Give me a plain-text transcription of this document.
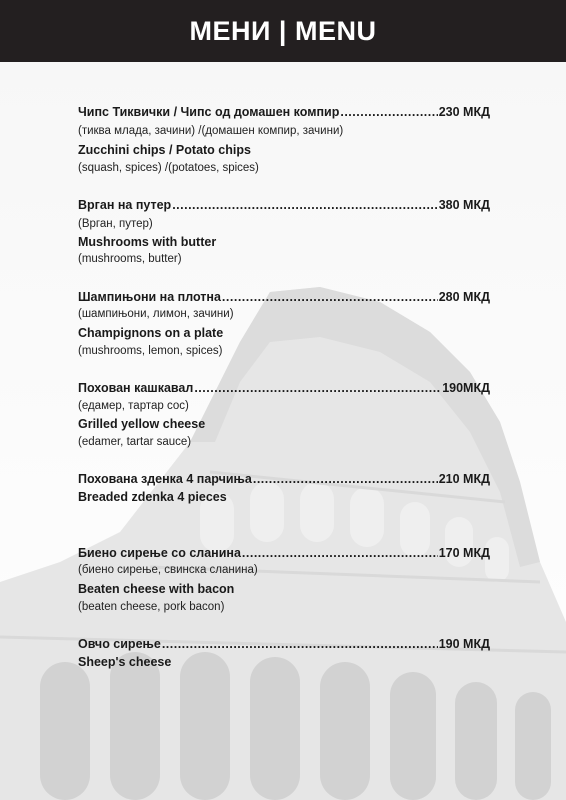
МЕНИ | MENU
Чипс Тиквички / Чипс од домашен компир .....	230 МКД
(тиква млада, зачини) /(домашен компир, зачини)
Zucchini chips / Potato chips
(squash, spices) /(potatoes, spices)
Врган на путер .....	380 МКД
(Врган, путер)
Mushrooms with butter
(mushrooms, butter)
Шампињони на плотна .....	280 МКД
(шампињони, лимон, зачини)
Champignons on a plate
(mushrooms, lemon, spices)
Похован кашкавал .....	190МКД
(едамер, тартар сос)
Grilled yellow cheese
(edamer, tartar sauce)
Похована зденка 4 парчиња .....	210 МКД
Breaded zdenka 4 pieces
Биено сирење со сланина .....	170 МКД
(биено сирење, свинска сланина)
Beaten cheese with bacon
(beaten cheese, pork bacon)
Овчо сирење .....	190 МКД
Sheep's cheese
